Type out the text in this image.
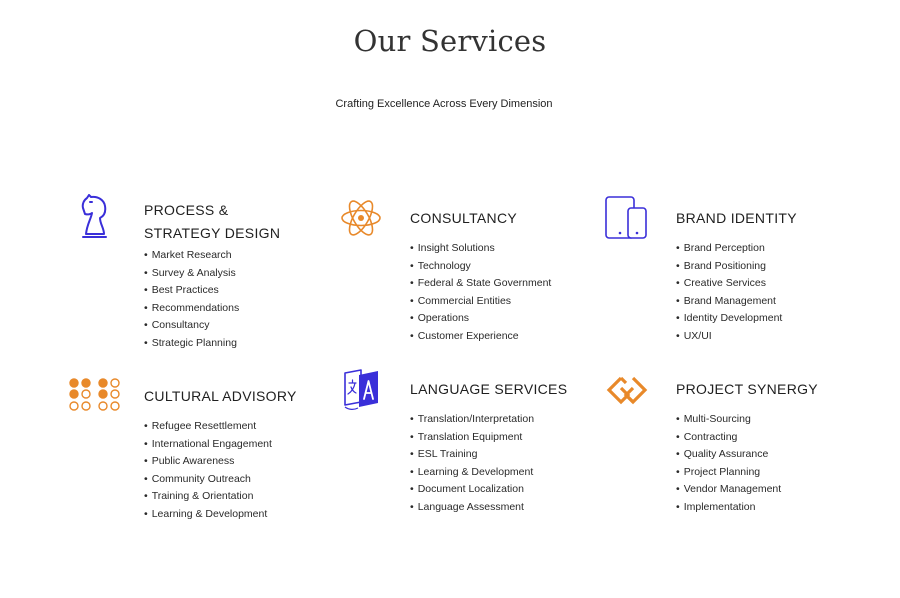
Our Services
Crafting Excellence Across Every Dimension
PROCESS &
STRATEGY DESIGN
• Market Research
• Survey & Analysis
• Best Practices
• Recommendations
• Consultancy
• Strategic Planning
CONSULTANCY
• Insight Solutions
• Technology
• Federal & State Government
• Commercial Entities
• Operations
• Customer Experience
BRAND IDENTITY
• Brand Perception
• Brand Positioning
• Creative Services
• Brand Management
• Identity Development
• UX/UI
CULTURAL ADVISORY
• Refugee Resettlement
• International Engagement
• Public Awareness
• Community Outreach
• Training & Orientation
• Learning & Development
LANGUAGE SERVICES
• Translation/Interpretation
• Translation Equipment
• ESL Training
• Learning & Development
• Document Localization
• Language Assessment
PROJECT SYNERGY
• Multi-Sourcing
• Contracting
• Quality Assurance
• Project Planning
• Vendor Management
• Implementation
